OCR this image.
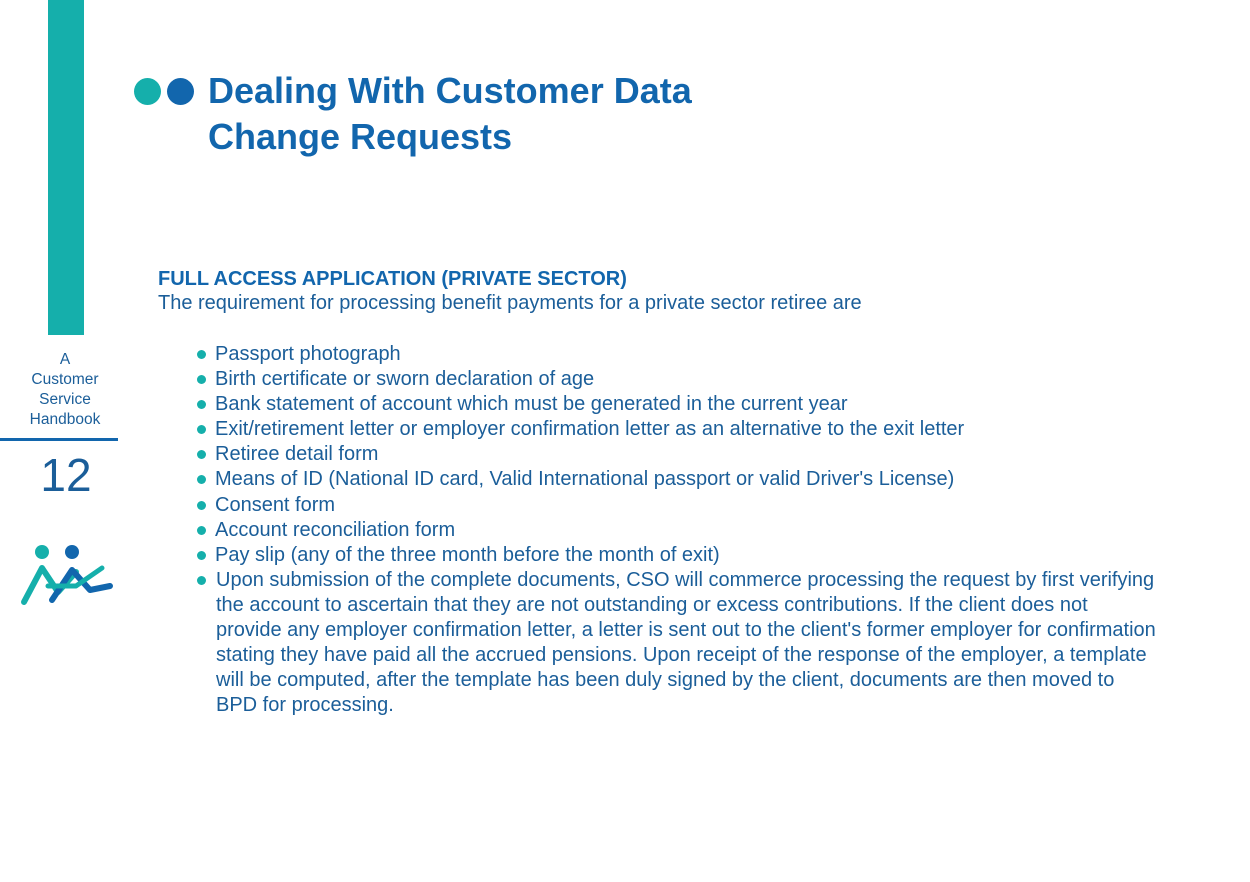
Dealing With Customer Data
Change Requests
A
Customer
Service
Handbook
12
FULL ACCESS APPLICATION (PRIVATE SECTOR)

The requirement for processing benefit payments for a private sector retiree are

Passport photograph
Birth certificate or sworn declaration of age
Bank statement of account which must be generated in the current year
Exit/retirement letter or employer confirmation letter as an alternative to the exit letter
Retiree detail form
Means of ID (National ID card, Valid International passport or valid Driver's License)
Consent form
Account reconciliation form
Pay slip (any of the three month before the month of exit)
Upon submission of the complete documents, CSO will commerce processing the request by first verifying the account to ascertain that they are not outstanding or excess contributions. If the client does not provide any employer confirmation letter, a letter is sent out to the client's former employer for confirmation stating they have paid all the accrued pensions. Upon receipt of the response of the employer, a template will be computed, after the template has been duly signed by the client, documents are then moved to BPD for processing.
